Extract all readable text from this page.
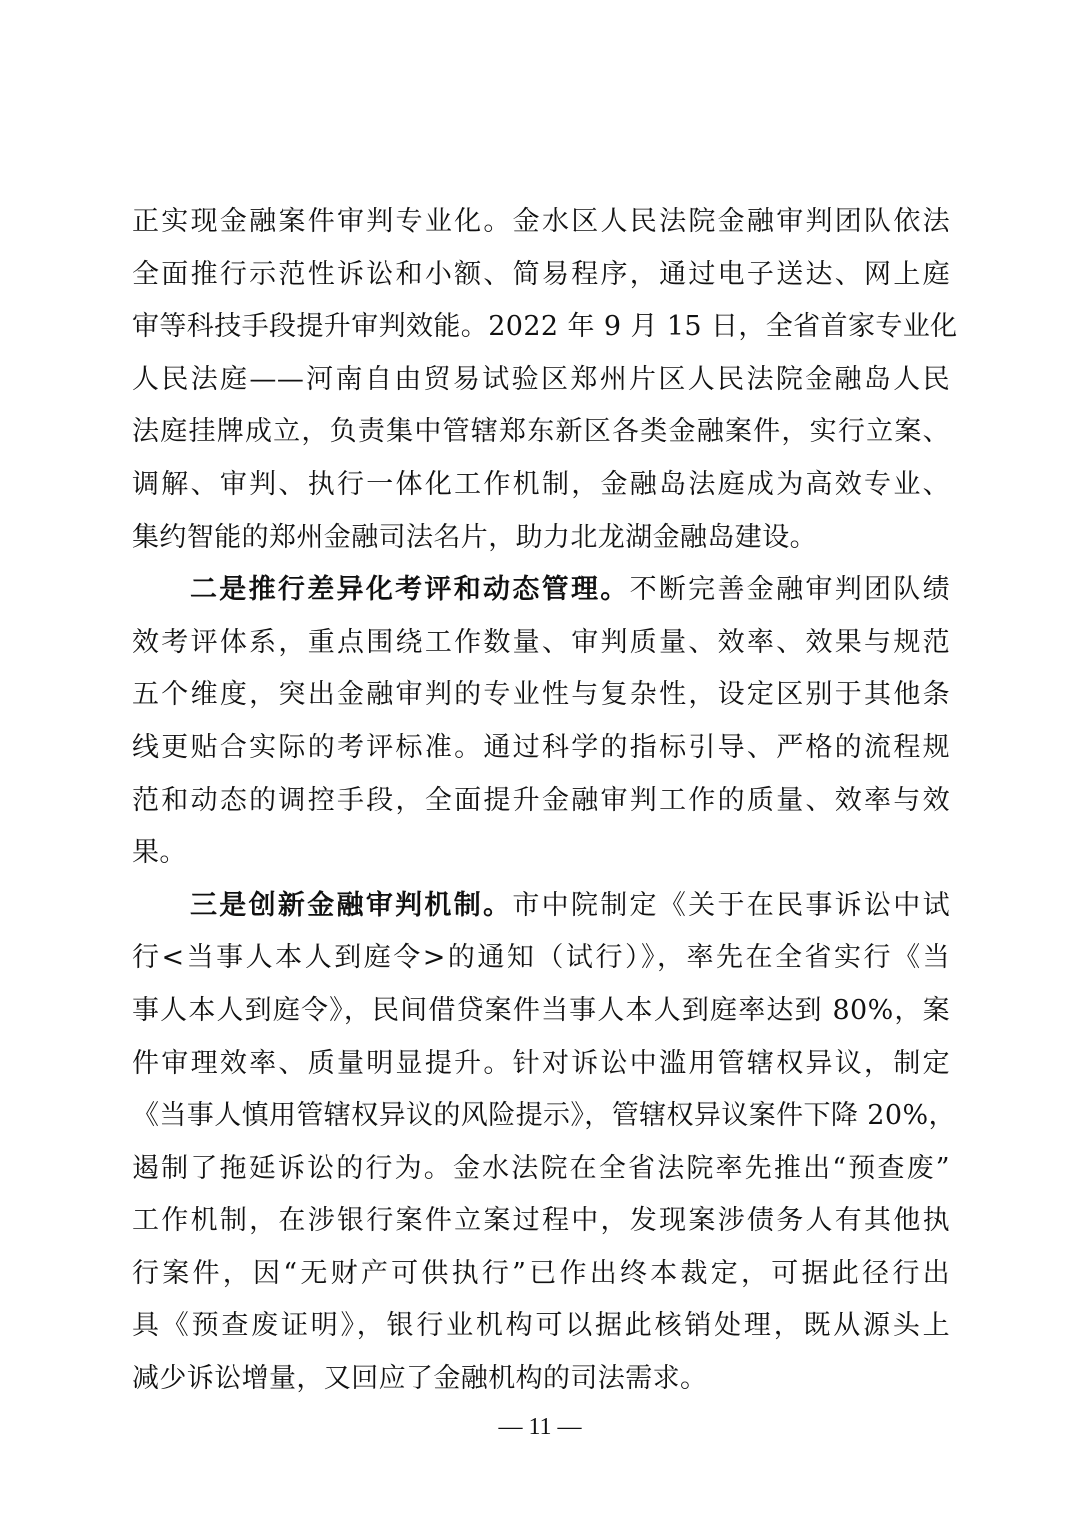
正实现金融案件审判专业化。金水区人民法院金融审判团队依法
全面推行示范性诉讼和小额、简易程序，通过电子送达、网上庭
审等科技手段提升审判效能。2022 年 9 月 15 日，全省首家专业化
人民法庭——河南自由贸易试验区郑州片区人民法院金融岛人民
法庭挂牌成立，负责集中管辖郑东新区各类金融案件，实行立案、
调解、审判、执行一体化工作机制，金融岛法庭成为高效专业、
集约智能的郑州金融司法名片，助力北龙湖金融岛建设。
二是推行差异化考评和动态管理。不断完善金融审判团队绩
效考评体系，重点围绕工作数量、审判质量、效率、效果与规范
五个维度，突出金融审判的专业性与复杂性，设定区别于其他条
线更贴合实际的考评标准。通过科学的指标引导、严格的流程规
范和动态的调控手段，全面提升金融审判工作的质量、效率与效
果。
三是创新金融审判机制。市中院制定《关于在民事诉讼中试
行<当事人本人到庭令>的通知（试行）》，率先在全省实行《当
事人本人到庭令》，民间借贷案件当事人本人到庭率达到 80%，案
件审理效率、质量明显提升。针对诉讼中滥用管辖权异议，制定
《当事人慎用管辖权异议的风险提示》，管辖权异议案件下降 20%，
遏制了拖延诉讼的行为。金水法院在全省法院率先推出“预查废”
工作机制，在涉银行案件立案过程中，发现案涉债务人有其他执
行案件，因“无财产可供执行”已作出终本裁定，可据此径行出
具《预查废证明》，银行业机构可以据此核销处理，既从源头上
减少诉讼增量，又回应了金融机构的司法需求。
— 11 —
